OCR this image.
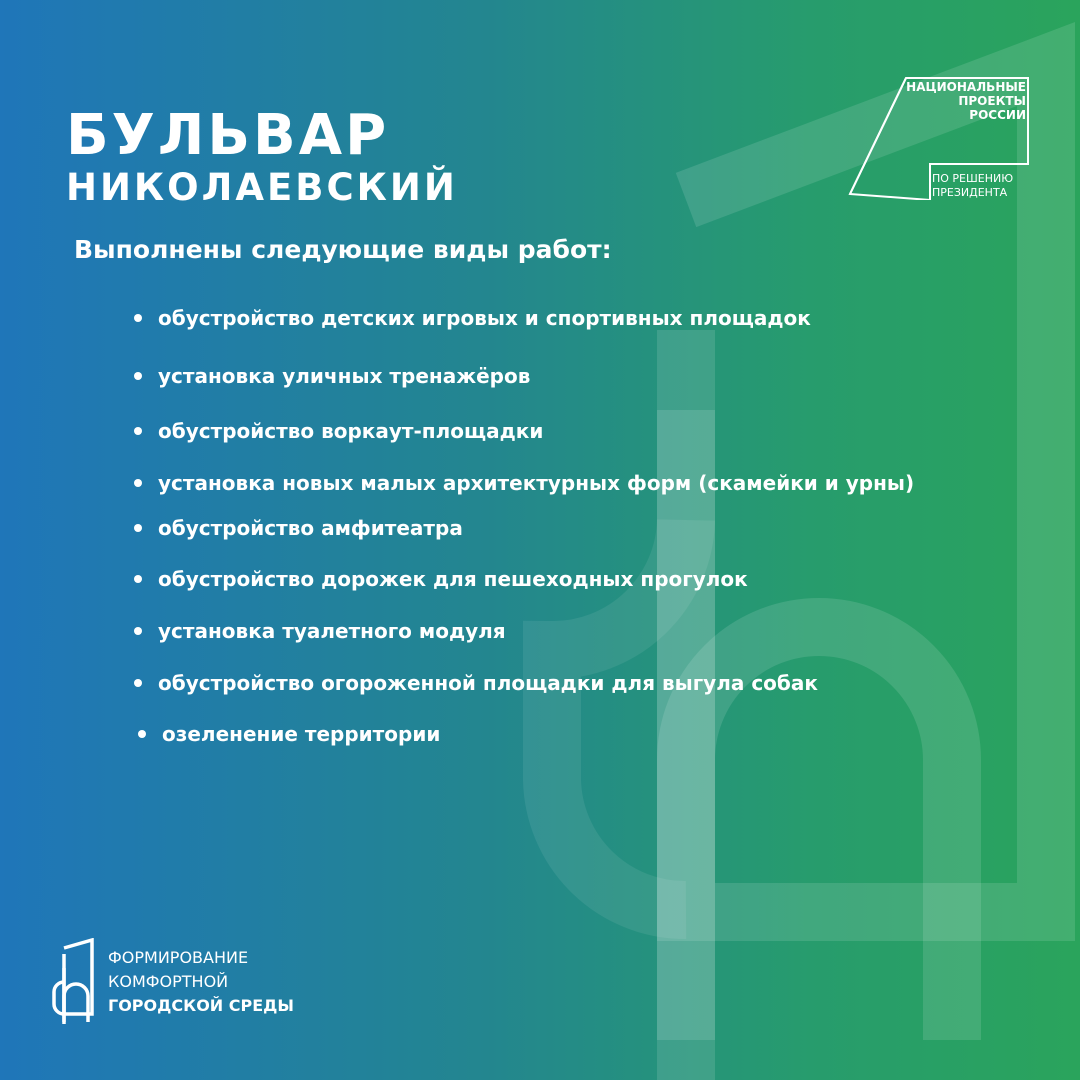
БУЛЬВАР
НИКОЛАЕВСКИЙ

Выполнены следующие виды работ:

обустройство детских игровых и спортивных площадок
установка уличных тренажёров
обустройство воркаут-площадки
установка новых малых архитектурных форм (скамейки и урны)
обустройство амфитеатра
обустройство дорожек для пешеходных прогулок
установка туалетного модуля
обустройство огороженной площадки для выгула собак
озеленение территории

НАЦИОНАЛЬНЫЕ
ПРОЕКТЫ
РОССИИ

ПО РЕШЕНИЮ
ПРЕЗИДЕНТА

ФОРМИРОВАНИЕ
КОМФОРТНОЙ
ГОРОДСКОЙ СРЕДЫ
